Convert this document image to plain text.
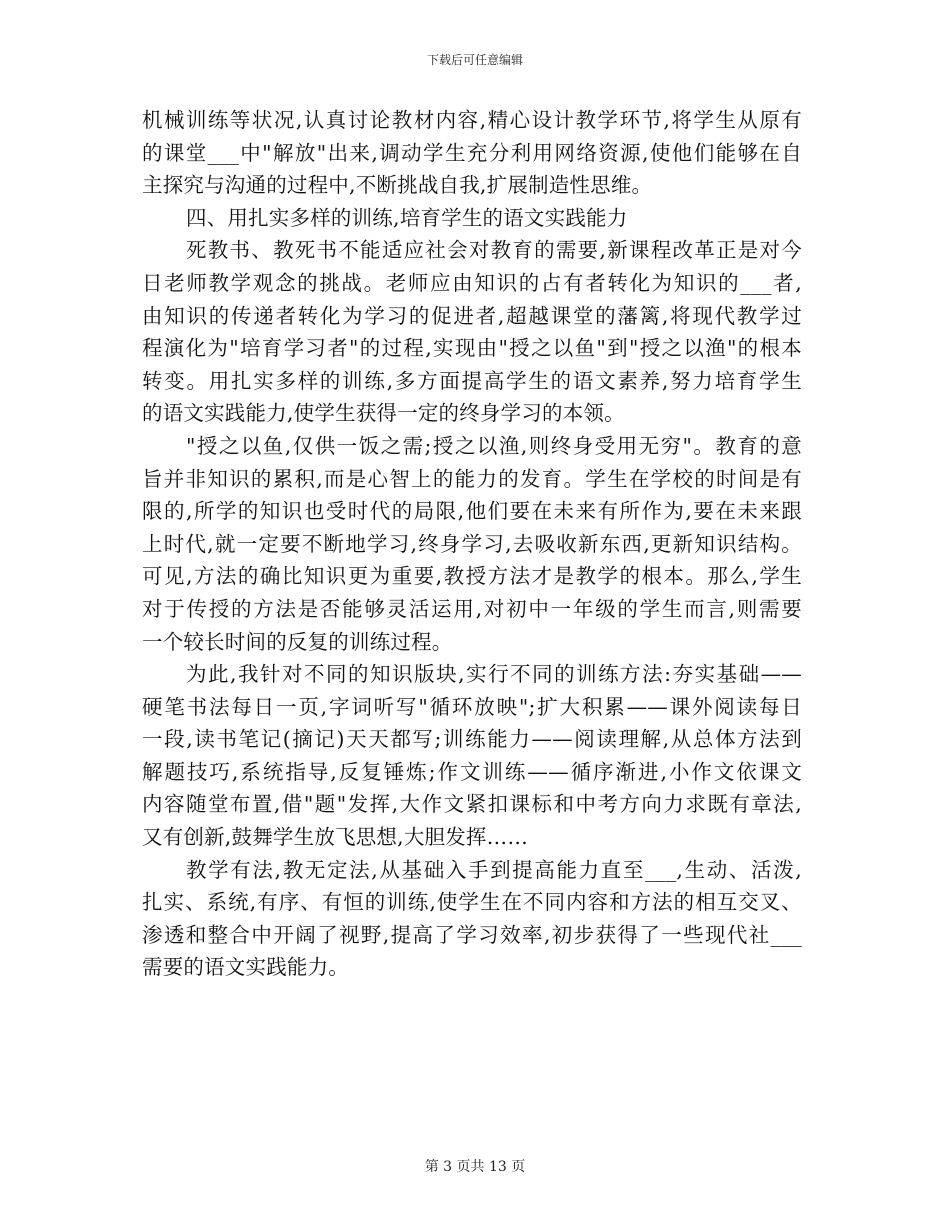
下载后可任意编辑
机械训练等状况,认真讨论教材内容,精心设计教学环节,将学生从原有
的课堂___中"解放"出来,调动学生充分利用网络资源,使他们能够在自
主探究与沟通的过程中,不断挑战自我,扩展制造性思维。
四、用扎实多样的训练,培育学生的语文实践能力
死教书、教死书不能适应社会对教育的需要,新课程改革正是对今
日老师教学观念的挑战。老师应由知识的占有者转化为知识的___者,
由知识的传递者转化为学习的促进者,超越课堂的藩篱,将现代教学过
程演化为"培育学习者"的过程,实现由"授之以鱼"到"授之以渔"的根本
转变。用扎实多样的训练,多方面提高学生的语文素养,努力培育学生
的语文实践能力,使学生获得一定的终身学习的本领。
"授之以鱼,仅供一饭之需;授之以渔,则终身受用无穷"。教育的意
旨并非知识的累积,而是心智上的能力的发育。学生在学校的时间是有
限的,所学的知识也受时代的局限,他们要在未来有所作为,要在未来跟
上时代,就一定要不断地学习,终身学习,去吸收新东西,更新知识结构。
可见,方法的确比知识更为重要,教授方法才是教学的根本。那么,学生
对于传授的方法是否能够灵活运用,对初中一年级的学生而言,则需要
一个较长时间的反复的训练过程。
为此,我针对不同的知识版块,实行不同的训练方法:夯实基础——
硬笔书法每日一页,字词听写"循环放映";扩大积累——课外阅读每日
一段,读书笔记(摘记)天天都写;训练能力——阅读理解,从总体方法到
解题技巧,系统指导,反复锤炼;作文训练——循序渐进,小作文依课文
内容随堂布置,借"题"发挥,大作文紧扣课标和中考方向力求既有章法,
又有创新,鼓舞学生放飞思想,大胆发挥……
教学有法,教无定法,从基础入手到提高能力直至___,生动、活泼,
扎实、系统,有序、有恒的训练,使学生在不同内容和方法的相互交叉、
渗透和整合中开阔了视野,提高了学习效率,初步获得了一些现代社___
需要的语文实践能力。
第 3 页共 13 页
